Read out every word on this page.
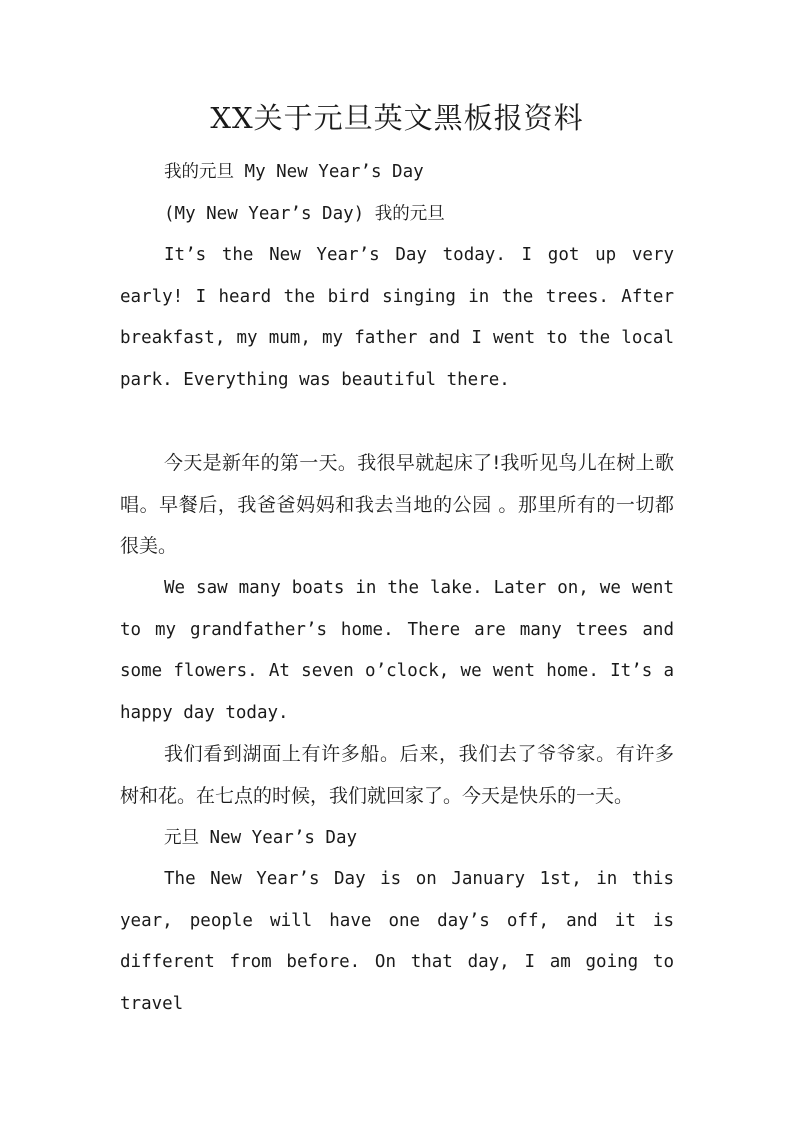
XX关于元旦英文黑板报资料

我的元旦 My New Year’s Day

(My New Year’s Day) 我的元旦

It’s the New Year’s Day today. I got up very early! I heard the bird singing in the trees. After breakfast, my mum, my father and I went to the local park. Everything was beautiful there.

今天是新年的第一天。我很早就起床了!我听见鸟儿在树上歌唱。早餐后，我爸爸妈妈和我去当地的公园 。那里所有的一切都很美。

We saw many boats in the lake. Later on, we went to my grandfather’s home. There are many trees and some flowers. At seven o’clock, we went home. It’s a happy day today.

我们看到湖面上有许多船。后来，我们去了爷爷家。有许多树和花。在七点的时候，我们就回家了。今天是快乐的一天。

元旦 New Year’s Day

The New Year’s Day is on January 1st, in this year, people will have one day’s off, and it is different from before. On that day, I am going to travel
